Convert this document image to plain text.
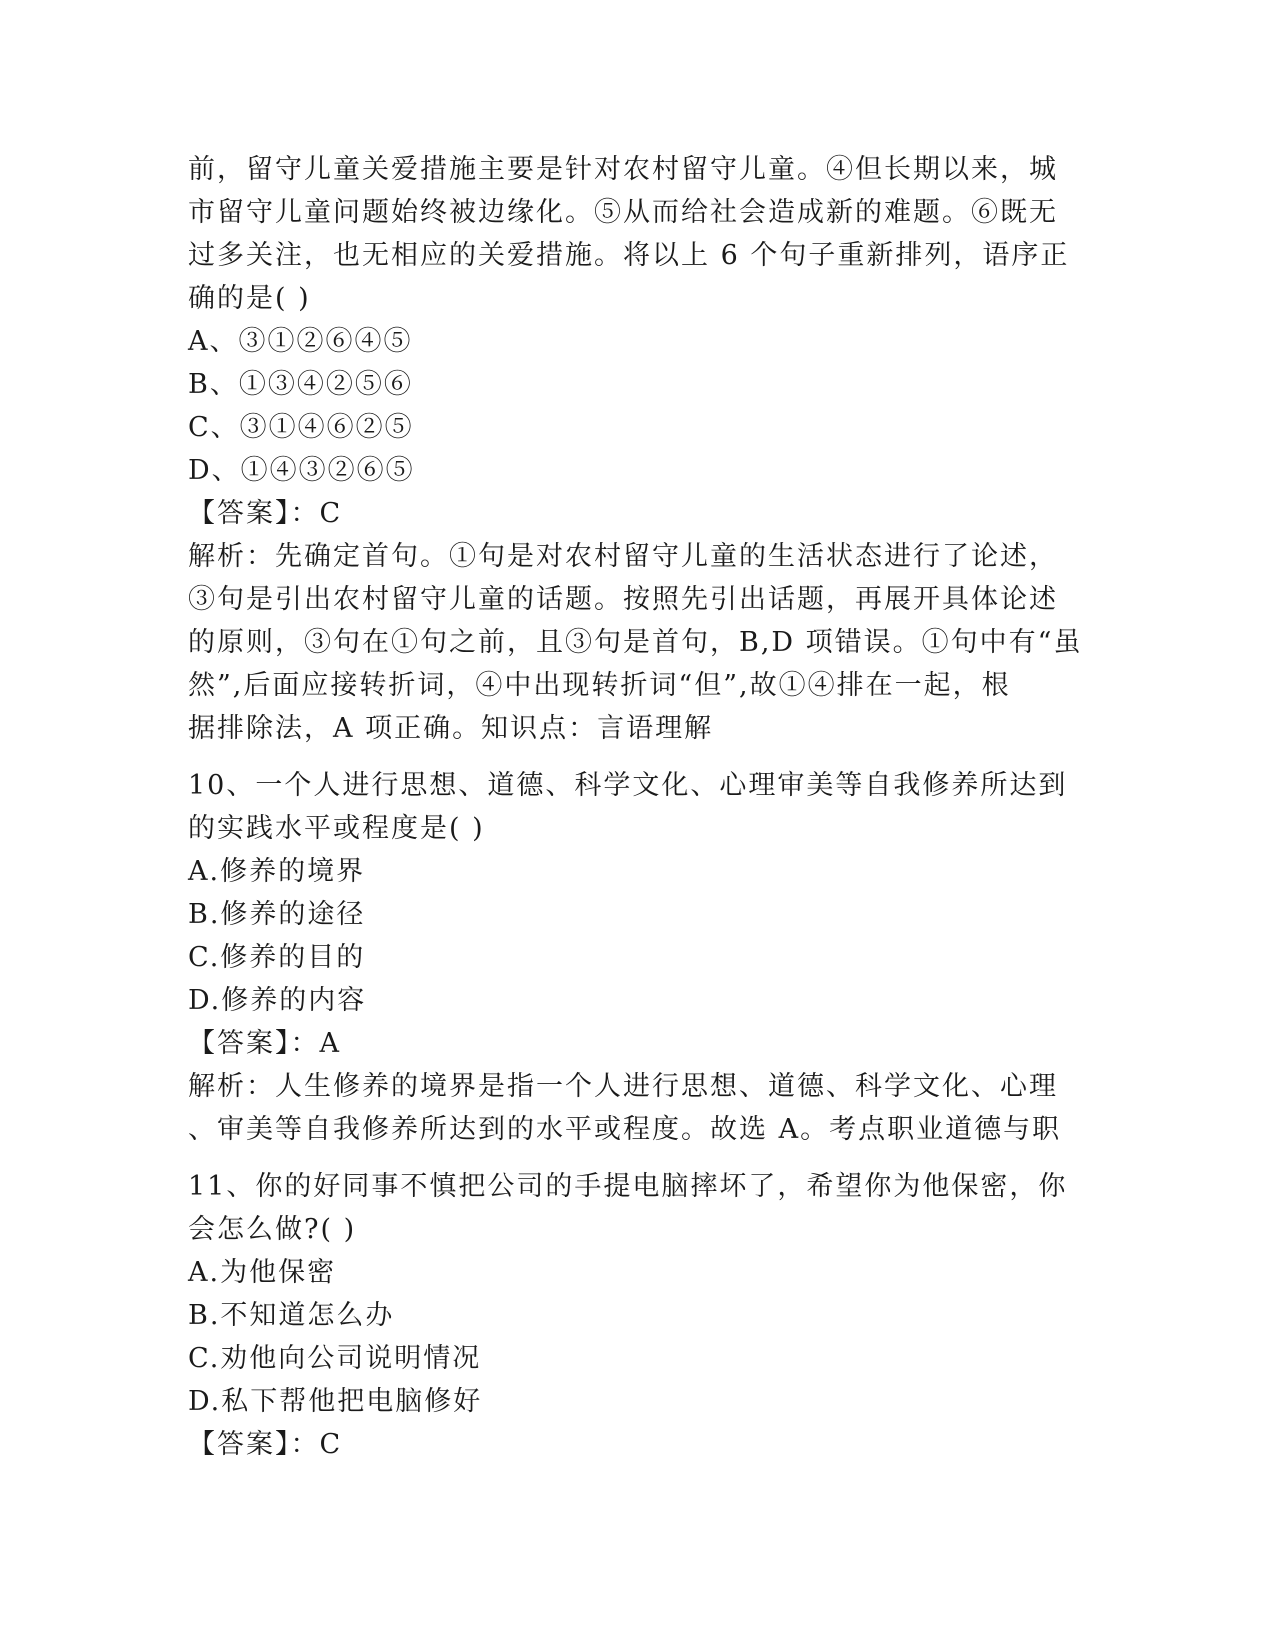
前，留守儿童关爱措施主要是针对农村留守儿童。④但长期以来，城
市留守儿童问题始终被边缘化。⑤从而给社会造成新的难题。⑥既无
过多关注，也无相应的关爱措施。将以上 6 个句子重新排列，语序正
确的是( )
A、③①②⑥④⑤
B、①③④②⑤⑥
C、③①④⑥②⑤
D、①④③②⑥⑤
【答案】：C
解析：先确定首句。①句是对农村留守儿童的生活状态进行了论述，
③句是引出农村留守儿童的话题。按照先引出话题，再展开具体论述
的原则，③句在①句之前，且③句是首句，B,D 项错误。①句中有“虽
然”,后面应接转折词，④中出现转折词“但”,故①④排在一起，根
据排除法，A 项正确。知识点：言语理解
10、一个人进行思想、道德、科学文化、心理审美等自我修养所达到
的实践水平或程度是( )
A.修养的境界
B.修养的途径
C.修养的目的
D.修养的内容
【答案】：A
解析：人生修养的境界是指一个人进行思想、道德、科学文化、心理
、审美等自我修养所达到的水平或程度。故选 A。考点职业道德与职
11、你的好同事不慎把公司的手提电脑摔坏了，希望你为他保密，你
会怎么做?( )
A.为他保密
B.不知道怎么办
C.劝他向公司说明情况
D.私下帮他把电脑修好
【答案】：C
